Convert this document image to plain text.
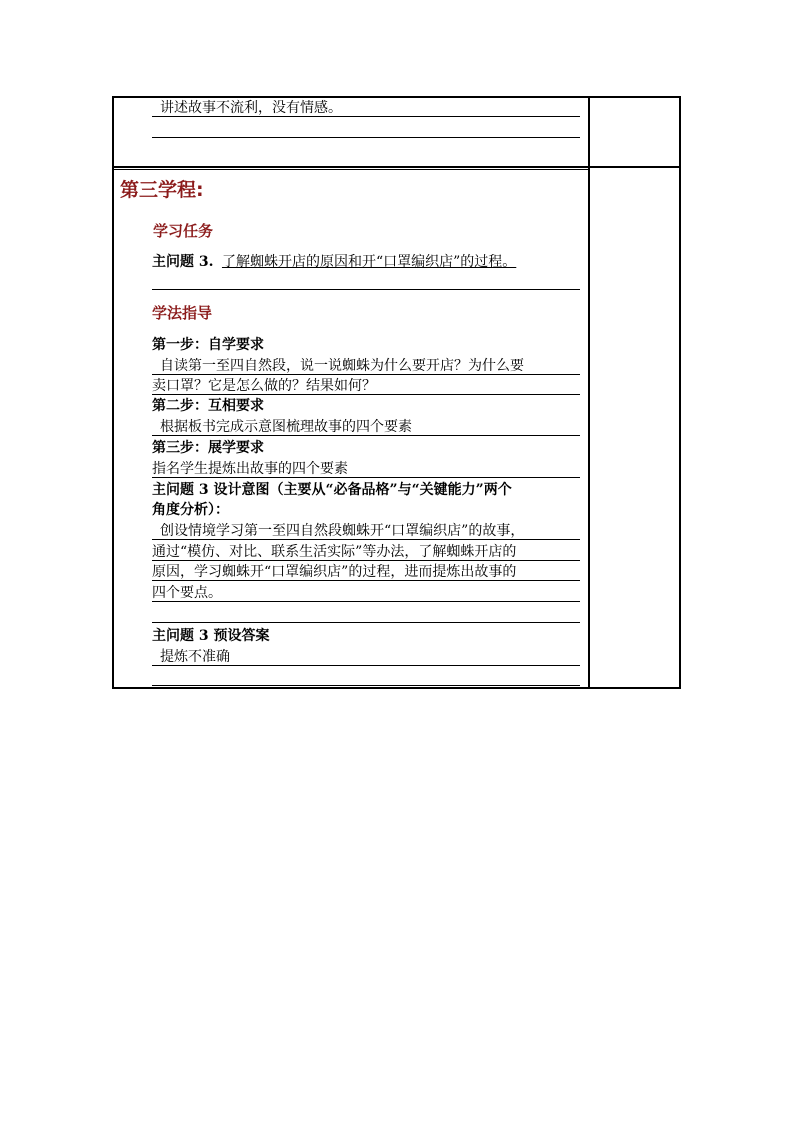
讲述故事不流利，没有情感。
第三学程:
学习任务
主问题 3. 了解蜘蛛开店的原因和开“口罩编织店”的过程。
学法指导
第一步：自学要求
自读第一至四自然段，说一说蜘蛛为什么要开店？为什么要
卖口罩？它是怎么做的？结果如何？
第二步：互相要求
根据板书完成示意图梳理故事的四个要素
第三步：展学要求
指名学生提炼出故事的四个要素
主问题 3 设计意图（主要从“必备品格”与“关键能力”两个
角度分析）：
创设情境学习第一至四自然段蜘蛛开“口罩编织店”的故事，
通过“模仿、对比、联系生活实际”等办法，了解蜘蛛开店的
原因，学习蜘蛛开“口罩编织店”的过程，进而提炼出故事的
四个要点。
主问题 3 预设答案
提炼不准确
